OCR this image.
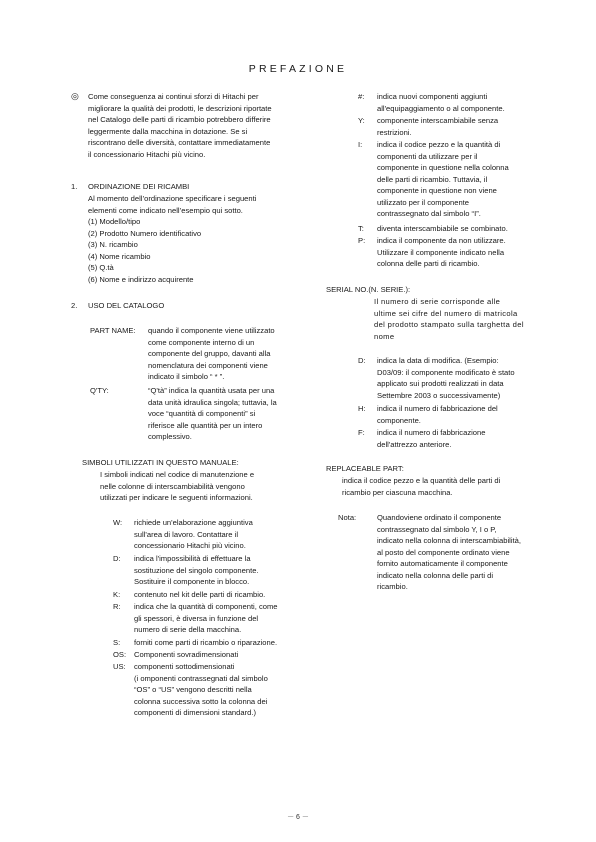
PREFAZIONE
◎ Come conseguenza ai continui sforzi di Hitachi per
migliorare la qualità dei prodotti, le descrizioni riportate
nel Catalogo delle parti di ricambio potrebbero differire
leggermente dalla macchina in dotazione. Se si
riscontrano delle diversità, contattare immediatamente
il concessionario Hitachi più vicino.
1. ORDINAZIONE DEI RICAMBI
Al momento dell’ordinazione specificare i seguenti
elementi come indicato nell’esempio qui sotto.
(1) Modello/tipo
(2) Prodotto Numero identificativo
(3) N. ricambio
(4) Nome ricambio
(5) Q.tà
(6) Nome e indirizzo acquirente
2. USO DEL CATALOGO
PART NAME: quando il componente viene utilizzato
come componente interno di un
componente del gruppo, davanti alla
nomenclatura dei componenti viene
indicato il simbolo “ * ”.
Q'TY:	“Q'tà” indica la quantità usata per una
data unità idraulica singola; tuttavia, la
voce “quantità di componenti” si
riferisce alle quantità per un intero
complessivo.
SIMBOLI UTILIZZATI IN QUESTO MANUALE:
I simboli indicati nel codice di manutenzione e
nelle colonne di interscambiabilità vengono
utilizzati per indicare le seguenti informazioni.
W: richiede un'elaborazione aggiuntiva
sull'area di lavoro. Contattare il
concessionario Hitachi più vicino.
D: indica l'impossibilità di effettuare la
sostituzione del singolo componente.
Sostituire il componente in blocco.
K: contenuto nel kit delle parti di ricambio.
R: indica che la quantità di componenti, come
gli spessori, è diversa in funzione del
numero di serie della macchina.
S: forniti come parti di ricambio o riparazione.
OS: Componenti sovradimensionati
US: componenti sottodimensionati
(i omponenti contrassegnati dal simbolo
“OS” o “US” vengono descritti nella
colonna successiva sotto la colonna dei
componenti di dimensioni standard.)
#: indica nuovi componenti aggiunti
all'equipaggiamento o al componente.
Y: componente interscambiabile senza
restrizioni.
I: indica il codice pezzo e la quantità di
componenti da utilizzare per il
componente in questione nella colonna
delle parti di ricambio. Tuttavia, il
componente in questione non viene
utilizzato per il componente
contrassegnato dal simbolo “I”.
T: diventa interscambiabile se combinato.
P: indica il componente da non utilizzare.
Utilizzare il componente indicato nella
colonna delle parti di ricambio.
SERIAL NO.(N. SERIE.):
Il numero di serie corrisponde alle
ultime sei cifre del numero di matricola
del prodotto stampato sulla targhetta del
nome
D: indica la data di modifica. (Esempio:
D03/09: il componente modificato è stato
applicato sui prodotti realizzati in data
Settembre 2003 o successivamente)
H: indica il numero di fabbricazione del
componente.
F: indica il numero di fabbricazione
dell'attrezzo anteriore.
REPLACEABLE PART:
indica il codice pezzo e la quantità delle parti di
ricambio per ciascuna macchina.
Nota:	Quandoviene ordinato il componente
contrassegnato dal simbolo Y, I o P,
indicato nella colonna di interscambiabilità,
al posto del componente ordinato viene
fornito automaticamente il componente
indicato nella colonna delle parti di
ricambio.
－ 6 －
